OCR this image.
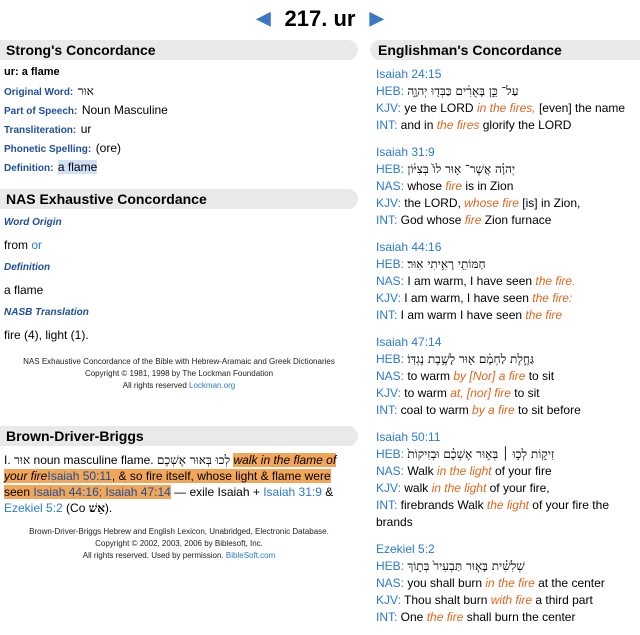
◀ 217. ur ▶
Strong's Concordance
ur: a flame
Original Word: אוּר
Part of Speech: Noun Masculine
Transliteration: ur
Phonetic Spelling: (ore)
Definition: a flame
NAS Exhaustive Concordance
Word Origin
from or
Definition
a flame
NASB Translation
fire (4), light (1).
NAS Exhaustive Concordance of the Bible with Hebrew-Aramaic and Greek Dictionaries
Copyright © 1981, 1998 by The Lockman Foundation
All rights reserved Lockman.org
Brown-Driver-Briggs
I. אוּר noun masculine flame. לְכוּ בְּאוּר אֶשְׁכֶם walk in the flame of your fireIsaiah 50:11, & so fire itself, whose light & flame were seen Isaiah 44:16; Isaiah 47:14 — exile Isaiah + Isaiah 31:9 & Ezekiel 5:2 (Co אֵשׁ).
Brown-Driver-Briggs Hebrew and English Lexicon, Unabridged, Electronic Database.
Copyright © 2002, 2003, 2006 by Biblesoft, Inc.
All rights reserved. Used by permission. BibleSoft.com
Englishman's Concordance
Isaiah 24:15
HEB: עַל־ כֵּ֣ן בָּאֻרִ֔ים כַּבְּד֖וּ יְהוָ֑ה
KJV: ye the LORD in the fires, [even] the name
INT: and in the fires glorify the LORD
Isaiah 31:9
HEB: יְהוָ֗ה אֲשֶׁר־ א֥וּר לוֹ֙ בְּצִיּ֔וֹן
NAS: whose fire is in Zion
KJV: the LORD, whose fire [is] in Zion,
INT: God whose fire Zion furnace
Isaiah 44:16
HEB: חַמּוֹתִ֖י רָאִ֥יתִי אֽוּר׃
NAS: I am warm, I have seen the fire.
KJV: I am warm, I have seen the fire:
INT: I am warm I have seen the fire
Isaiah 47:14
HEB: גַּחֶ֣לֶת לַחְמָ֔ם א֖וּר לָשֶׁ֥בֶת נֶגְדּֽוֹ׃
NAS: to warm by [Nor] a fire to sit
KJV: to warm at, [nor] fire to sit
INT: coal to warm by a fire to sit before
Isaiah 50:11
HEB: זִיק֑וֹת לְכ֣וּ ׀ בְּא֣וּר אֶשְׁכֶ֗ם וּבְזִיקוֹת֙
NAS: Walk in the light of your fire
KJV: walk in the light of your fire,
INT: firebrands Walk the light of your fire the
brands
Ezekiel 5:2
HEB: שְׁלִשִׁ֗ית בָּא֤וּר תַּבְעִיר֙ בְּת֣וֹךְ
NAS: you shall burn in the fire at the center
KJV: Thou shalt burn with fire a third part
INT: One the fire shall burn the center
